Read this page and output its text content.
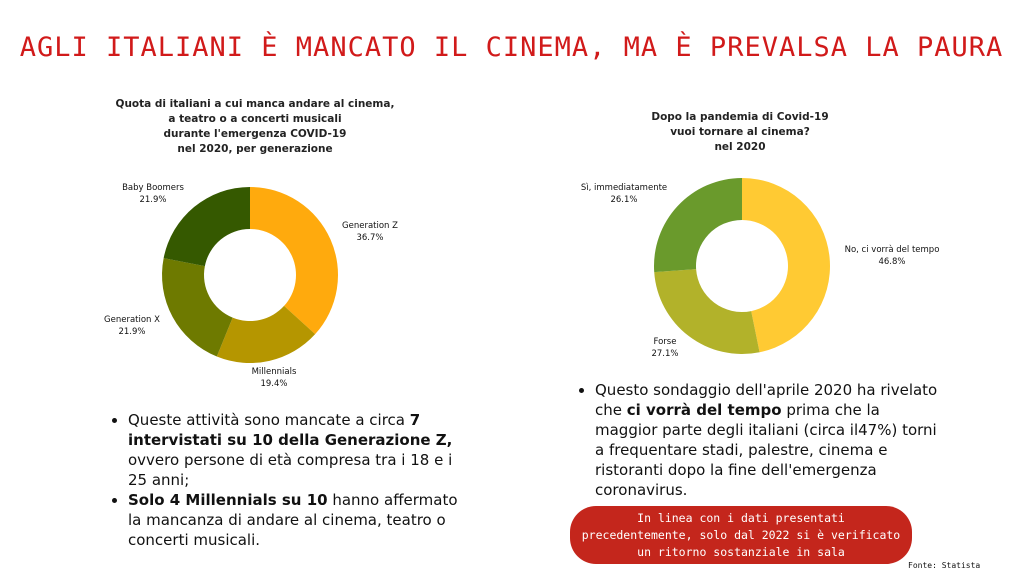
AGLI ITALIANI È MANCATO IL CINEMA, MA È PREVALSA LA PAURA
Quota di italiani a cui manca andare al cinema,
a teatro o a concerti musicali
durante l'emergenza COVID-19
nel 2020, per generazione
Generation Z
36.7%
Millennials
19.4%
Generation X
21.9%
Baby Boomers
21.9%
Dopo la pandemia di Covid-19
vuoi tornare al cinema?
nel 2020
No, ci vorrà del tempo
46.8%
Forse
27.1%
Sì, immediatamente
26.1%
• Queste attività sono mancate a circa 7 intervistati su 10 della Generazione Z, ovvero persone di età compresa tra i 18 e i 25 anni;
• Solo 4 Millennials su 10 hanno affermato la mancanza di andare al cinema, teatro o concerti musicali.
• Questo sondaggio dell'aprile 2020 ha rivelato che ci vorrà del tempo prima che la maggior parte degli italiani (circa il47%) torni a frequentare stadi, palestre, cinema e ristoranti dopo la fine dell'emergenza coronavirus.
In linea con i dati presentati
precedentemente, solo dal 2022 si è verificato
un ritorno sostanziale in sala
Fonte: Statista
